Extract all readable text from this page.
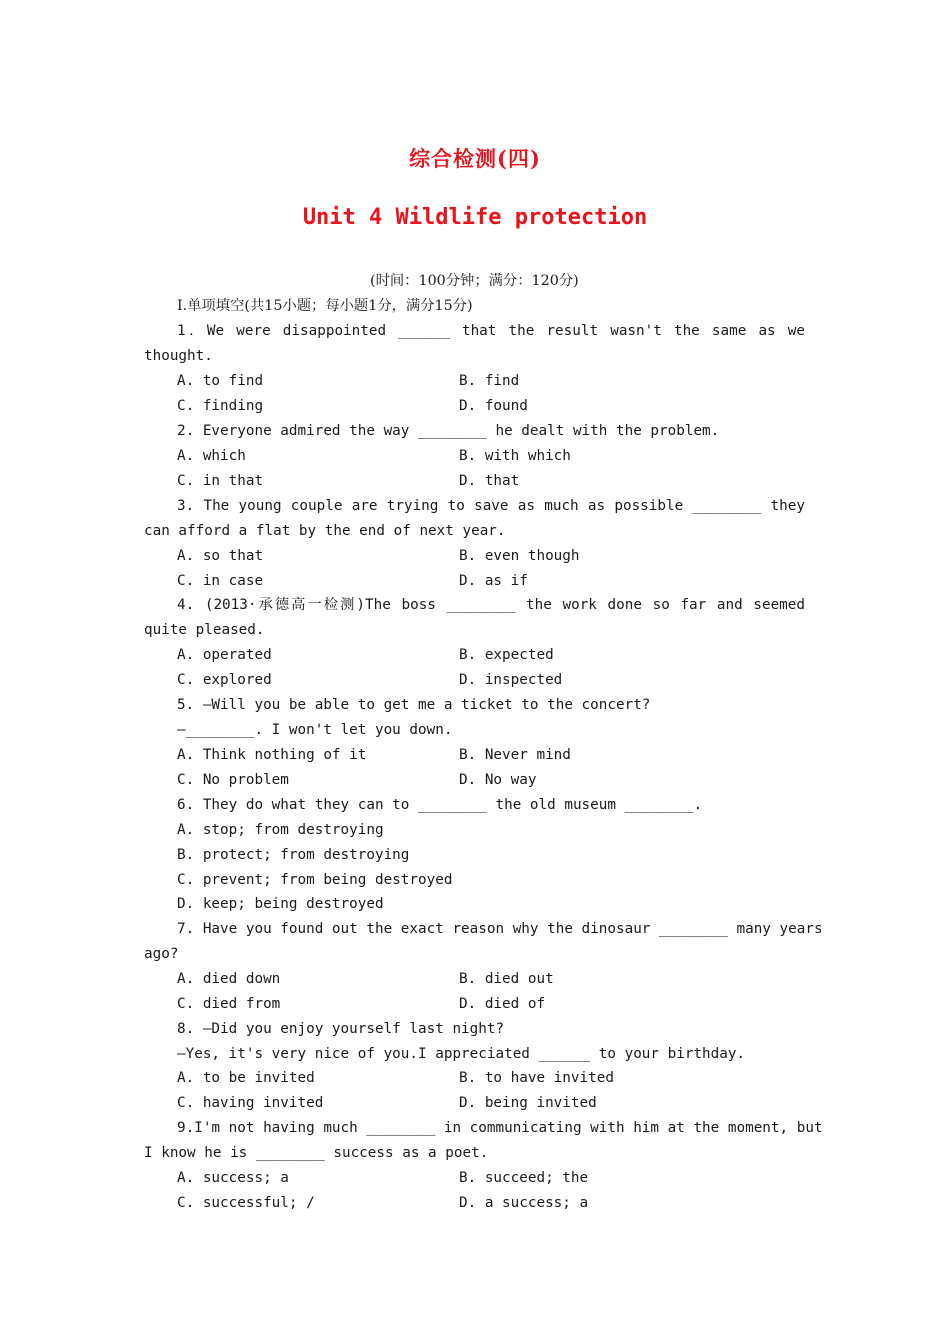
综合检测(四)
Unit 4 Wildlife protection
(时间：100分钟；满分：120分)
Ⅰ.单项填空(共15小题；每小题1分，满分15分)
1．We were disappointed ______ that the result wasn't the same as we
thought.
A. to find	B. find
C. finding	D. found
2. Everyone admired the way ________ he dealt with the problem.
A. which	B. with which
C. in that	D. that
3. The young couple are trying to save as much as possible ________ they
can afford a flat by the end of next year.
A. so that	B. even though
C. in case	D. as if
4. (2013·承德高一检测)The boss ________ the work done so far and seemed
quite pleased.
A. operated	B. expected
C. explored	D. inspected
5. —Will you be able to get me a ticket to the concert?
—________. I won't let you down.
A. Think nothing of it	B. Never mind
C. No problem	D. No way
6. They do what they can to ________ the old museum ________.
A. stop; from destroying
B. protect; from destroying
C. prevent; from being destroyed
D. keep; being destroyed
7. Have you found out the exact reason why the dinosaur ________ many years
ago?
A. died down	B. died out
C. died from	D. died of
8. —Did you enjoy yourself last night?
—Yes, it's very nice of you.I appreciated ______ to your birthday.
A. to be invited	B. to have invited
C. having invited	D. being invited
9.I'm not having much ________ in communicating with him at the moment, but
I know he is ________ success as a poet.
A. success; a	B. succeed; the
C. successful; /	D. a success; a
